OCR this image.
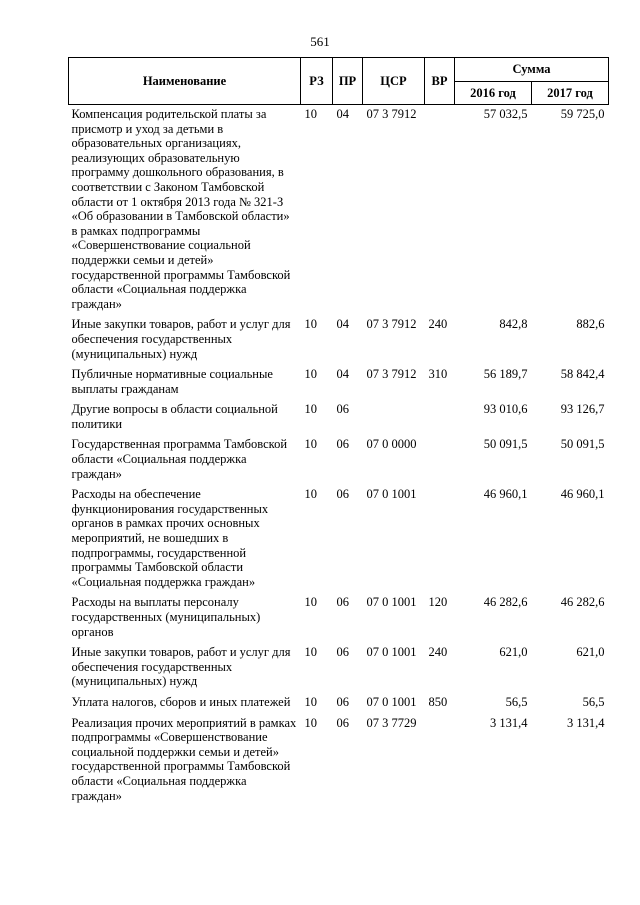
561
Наименование	РЗ	ПР	ЦСР	ВР	Сумма	
					2016 год	2017 год
Компенсация родительской платы за присмотр и уход за детьми в образовательных организациях, реализующих образовательную программу дошкольного образования, в соответствии с Законом Тамбовской области от 1 октября 2013 года № 321-З «Об образовании в Тамбовской области» в рамках подпрограммы «Совершенствование социальной поддержки семьи и детей» государственной программы Тамбовской области «Социальная поддержка граждан»	10	04	07 3 7912		57 032,5	59 725,0
Иные закупки товаров, работ и услуг для обеспечения государственных (муниципальных) нужд	10	04	07 3 7912	240	842,8	882,6
Публичные нормативные социальные выплаты гражданам	10	04	07 3 7912	310	56 189,7	58 842,4
Другие вопросы в области социальной политики	10	06			93 010,6	93 126,7
Государственная программа Тамбовской области «Социальная поддержка граждан»	10	06	07 0 0000		50 091,5	50 091,5
Расходы на обеспечение функционирования государственных органов в рамках прочих основных мероприятий, не вошедших в подпрограммы, государственной программы Тамбовской области «Социальная поддержка граждан»	10	06	07 0 1001		46 960,1	46 960,1
Расходы на выплаты персоналу государственных (муниципальных) органов	10	06	07 0 1001	120	46 282,6	46 282,6
Иные закупки товаров, работ и услуг для обеспечения государственных (муниципальных) нужд	10	06	07 0 1001	240	621,0	621,0
Уплата налогов, сборов и иных платежей	10	06	07 0 1001	850	56,5	56,5
Реализация прочих мероприятий в рамках подпрограммы «Совершенствование социальной поддержки семьи и детей» государственной программы Тамбовской области «Социальная поддержка граждан»	10	06	07 3 7729		3 131,4	3 131,4
